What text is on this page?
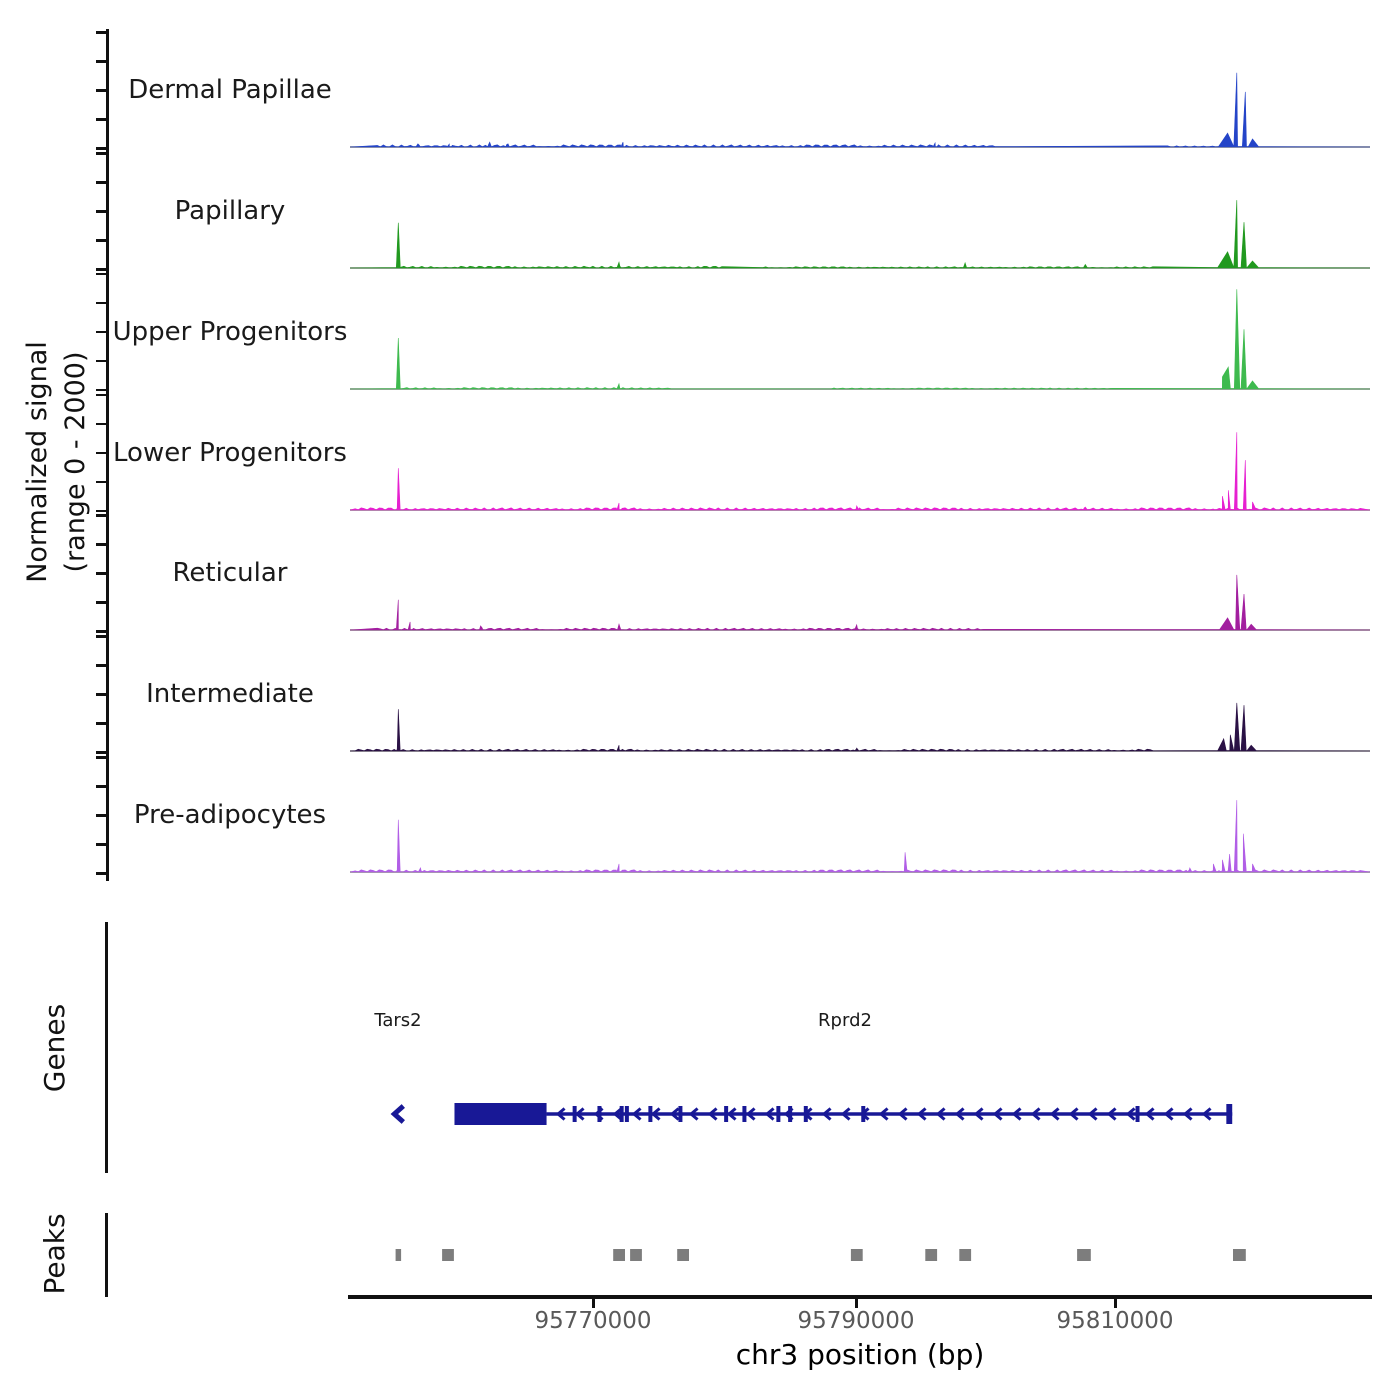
Normalized signal (range 0 - 2000)
Dermal Papillae
Papillary
Upper Progenitors
Lower Progenitors
Reticular
Intermediate
Pre-adipocytes
Genes	Tars2	Rprd2
Peaks
95770000	95790000	95810000
chr3 position (bp)
